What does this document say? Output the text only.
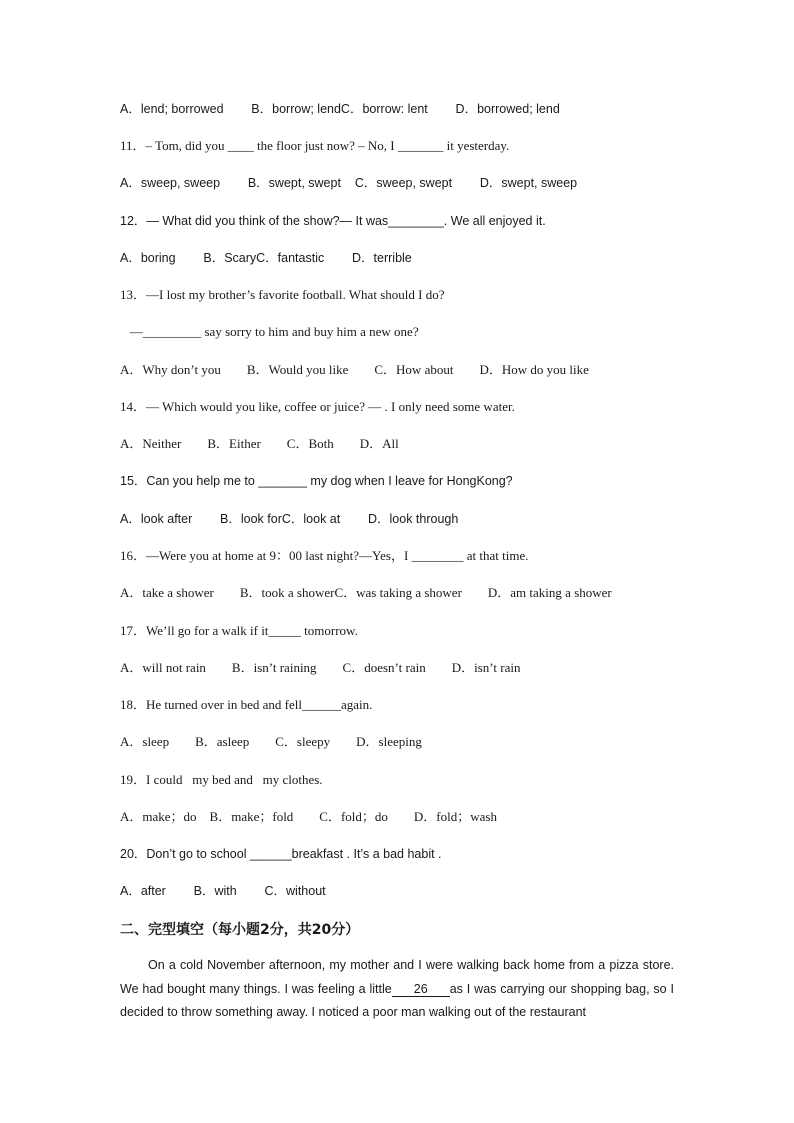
A．lend; borrowed        B．borrow; lendC．borrow: lent        D．borrowed; lend
11．– Tom, did you ____ the floor just now? – No, I _______ it yesterday.
A．sweep, sweep        B．swept, swept    C．sweep, swept        D．swept, sweep
12．— What did you think of the show?— It was________. We all enjoyed it.
A．boring        B．ScaryC．fantastic        D．terrible
13．—I lost my brother’s favorite football. What should I do?
—_________ say sorry to him and buy him a new one?
A．Why don’t you        B．Would you like        C．How about        D．How do you like
14．— Which would you like, coffee or juice? — . I only need some water.
A．Neither        B．Either        C．Both        D．All
15．Can you help me to _______ my dog when I leave for HongKong?
A．look after        B．look forC．look at        D．look through
16．—Were you at home at 9：00 last night?—Yes，I ________ at that time.
A．take a shower        B．took a showerC．was taking a shower        D．am taking a shower
17．We’ll go for a walk if it_____ tomorrow.
A．will not rain        B．isn’t raining        C．doesn’t rain        D．isn’t rain
18．He turned over in bed and fell______again.
A．sleep        B．asleep        C．sleepy        D．sleeping
19．I could   my bed and   my clothes.
A．make；do    B．make；fold        C．fold；do        D．fold；wash
20．Don’t go to school ______breakfast . It’s a bad habit .
A．after        B．with        C．without
二、完型填空（每小题2分，共20分）
On a cold November afternoon, my mother and I were walking back home from a pizza store. We had bought many things. I was feeling a little 26 as I was carrying our shopping bag, so I decided to throw something away. I noticed a poor man walking out of the restaurant
